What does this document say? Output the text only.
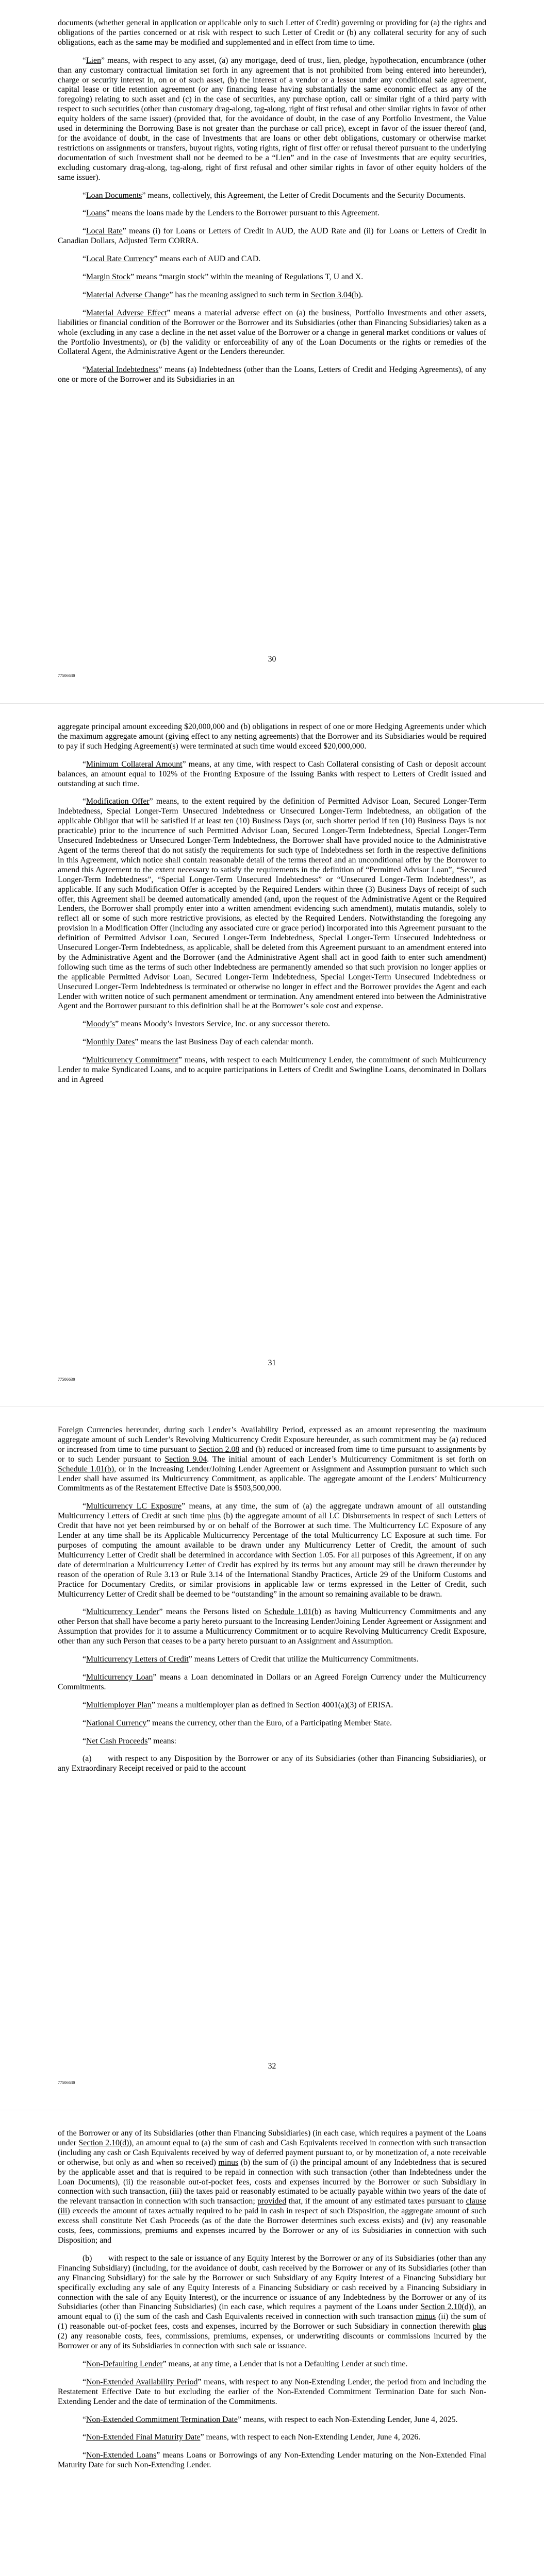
documents (whether general in application or applicable only to such Letter of Credit) governing or providing for (a) the rights and obligations of the parties concerned or at risk with respect to such Letter of Credit or (b) any collateral security for any of such obligations, each as the same may be modified and supplemented and in effect from time to time.

“Lien” means, with respect to any asset, (a) any mortgage, deed of trust, lien, pledge, hypothecation, encumbrance (other than any customary contractual limitation set forth in any agreement that is not prohibited from being entered into hereunder), charge or security interest in, on or of such asset, (b) the interest of a vendor or a lessor under any conditional sale agreement, capital lease or title retention agreement (or any financing lease having substantially the same economic effect as any of the foregoing) relating to such asset and (c) in the case of securities, any purchase option, call or similar right of a third party with respect to such securities (other than customary drag-along, tag-along, right of first refusal and other similar rights in favor of other equity holders of the same issuer) (provided that, for the avoidance of doubt, in the case of any Portfolio Investment, the Value used in determining the Borrowing Base is not greater than the purchase or call price), except in favor of the issuer thereof (and, for the avoidance of doubt, in the case of Investments that are loans or other debt obligations, customary or otherwise market restrictions on assignments or transfers, buyout rights, voting rights, right of first offer or refusal thereof pursuant to the underlying documentation of such Investment shall not be deemed to be a “Lien” and in the case of Investments that are equity securities, excluding customary drag-along, tag-along, right of first refusal and other similar rights in favor of other equity holders of the same issuer).

“Loan Documents” means, collectively, this Agreement, the Letter of Credit Documents and the Security Documents.

“Loans” means the loans made by the Lenders to the Borrower pursuant to this Agreement.

“Local Rate” means (i) for Loans or Letters of Credit in AUD, the AUD Rate and (ii) for Loans or Letters of Credit in Canadian Dollars, Adjusted Term CORRA.

“Local Rate Currency” means each of AUD and CAD.

“Margin Stock” means “margin stock” within the meaning of Regulations T, U and X.

“Material Adverse Change” has the meaning assigned to such term in Section 3.04(b).

“Material Adverse Effect” means a material adverse effect on (a) the business, Portfolio Investments and other assets, liabilities or financial condition of the Borrower or the Borrower and its Subsidiaries (other than Financing Subsidiaries) taken as a whole (excluding in any case a decline in the net asset value of the Borrower or a change in general market conditions or values of the Portfolio Investments), or (b) the validity or enforceability of any of the Loan Documents or the rights or remedies of the Collateral Agent, the Administrative Agent or the Lenders thereunder.

“Material Indebtedness” means (a) Indebtedness (other than the Loans, Letters of Credit and Hedging Agreements), of any one or more of the Borrower and its Subsidiaries in an

30
77506630

aggregate principal amount exceeding $20,000,000 and (b) obligations in respect of one or more Hedging Agreements under which the maximum aggregate amount (giving effect to any netting agreements) that the Borrower and its Subsidiaries would be required to pay if such Hedging Agreement(s) were terminated at such time would exceed $20,000,000.

“Minimum Collateral Amount” means, at any time, with respect to Cash Collateral consisting of Cash or deposit account balances, an amount equal to 102% of the Fronting Exposure of the Issuing Banks with respect to Letters of Credit issued and outstanding at such time.

“Modification Offer” means, to the extent required by the definition of Permitted Advisor Loan, Secured Longer-Term Indebtedness, Special Longer-Term Unsecured Indebtedness or Unsecured Longer-Term Indebtedness, an obligation of the applicable Obligor that will be satisfied if at least ten (10) Business Days (or, such shorter period if ten (10) Business Days is not practicable) prior to the incurrence of such Permitted Advisor Loan, Secured Longer-Term Indebtedness, Special Longer-Term Unsecured Indebtedness or Unsecured Longer-Term Indebtedness, the Borrower shall have provided notice to the Administrative Agent of the terms thereof that do not satisfy the requirements for such type of Indebtedness set forth in the respective definitions in this Agreement, which notice shall contain reasonable detail of the terms thereof and an unconditional offer by the Borrower to amend this Agreement to the extent necessary to satisfy the requirements in the definition of “Permitted Advisor Loan”, “Secured Longer-Term Indebtedness”, “Special Longer-Term Unsecured Indebtedness” or “Unsecured Longer-Term Indebtedness”, as applicable. If any such Modification Offer is accepted by the Required Lenders within three (3) Business Days of receipt of such offer, this Agreement shall be deemed automatically amended (and, upon the request of the Administrative Agent or the Required Lenders, the Borrower shall promptly enter into a written amendment evidencing such amendment), mutatis mutandis, solely to reflect all or some of such more restrictive provisions, as elected by the Required Lenders. Notwithstanding the foregoing any provision in a Modification Offer (including any associated cure or grace period) incorporated into this Agreement pursuant to the definition of Permitted Advisor Loan, Secured Longer-Term Indebtedness, Special Longer-Term Unsecured Indebtedness or Unsecured Longer-Term Indebtedness, as applicable, shall be deleted from this Agreement pursuant to an amendment entered into by the Administrative Agent and the Borrower (and the Administrative Agent shall act in good faith to enter such amendment) following such time as the terms of such other Indebtedness are permanently amended so that such provision no longer applies or the applicable Permitted Advisor Loan, Secured Longer-Term Indebtedness, Special Longer-Term Unsecured Indebtedness or Unsecured Longer-Term Indebtedness is terminated or otherwise no longer in effect and the Borrower provides the Agent and each Lender with written notice of such permanent amendment or termination. Any amendment entered into between the Administrative Agent and the Borrower pursuant to this definition shall be at the Borrower’s sole cost and expense.

“Moody’s” means Moody’s Investors Service, Inc. or any successor thereto.

“Monthly Dates” means the last Business Day of each calendar month.

“Multicurrency Commitment” means, with respect to each Multicurrency Lender, the commitment of such Multicurrency Lender to make Syndicated Loans, and to acquire participations in Letters of Credit and Swingline Loans, denominated in Dollars and in Agreed

31
77506630

Foreign Currencies hereunder, during such Lender’s Availability Period, expressed as an amount representing the maximum aggregate amount of such Lender’s Revolving Multicurrency Credit Exposure hereunder, as such commitment may be (a) reduced or increased from time to time pursuant to Section 2.08 and (b) reduced or increased from time to time pursuant to assignments by or to such Lender pursuant to Section 9.04. The initial amount of each Lender’s Multicurrency Commitment is set forth on Schedule 1.01(b), or in the Increasing Lender/Joining Lender Agreement or Assignment and Assumption pursuant to which such Lender shall have assumed its Multicurrency Commitment, as applicable. The aggregate amount of the Lenders’ Multicurrency Commitments as of the Restatement Effective Date is $503,500,000.

“Multicurrency LC Exposure” means, at any time, the sum of (a) the aggregate undrawn amount of all outstanding Multicurrency Letters of Credit at such time plus (b) the aggregate amount of all LC Disbursements in respect of such Letters of Credit that have not yet been reimbursed by or on behalf of the Borrower at such time. The Multicurrency LC Exposure of any Lender at any time shall be its Applicable Multicurrency Percentage of the total Multicurrency LC Exposure at such time. For purposes of computing the amount available to be drawn under any Multicurrency Letter of Credit, the amount of such Multicurrency Letter of Credit shall be determined in accordance with Section 1.05. For all purposes of this Agreement, if on any date of determination a Multicurrency Letter of Credit has expired by its terms but any amount may still be drawn thereunder by reason of the operation of Rule 3.13 or Rule 3.14 of the International Standby Practices, Article 29 of the Uniform Customs and Practice for Documentary Credits, or similar provisions in applicable law or terms expressed in the Letter of Credit, such Multicurrency Letter of Credit shall be deemed to be “outstanding” in the amount so remaining available to be drawn.

“Multicurrency Lender” means the Persons listed on Schedule 1.01(b) as having Multicurrency Commitments and any other Person that shall have become a party hereto pursuant to the Increasing Lender/Joining Lender Agreement or Assignment and Assumption that provides for it to assume a Multicurrency Commitment or to acquire Revolving Multicurrency Credit Exposure, other than any such Person that ceases to be a party hereto pursuant to an Assignment and Assumption.

“Multicurrency Letters of Credit” means Letters of Credit that utilize the Multicurrency Commitments.

“Multicurrency Loan” means a Loan denominated in Dollars or an Agreed Foreign Currency under the Multicurrency Commitments.

“Multiemployer Plan” means a multiemployer plan as defined in Section 4001(a)(3) of ERISA.

“National Currency” means the currency, other than the Euro, of a Participating Member State.

“Net Cash Proceeds” means:

(a)  with respect to any Disposition by the Borrower or any of its Subsidiaries (other than Financing Subsidiaries), or any Extraordinary Receipt received or paid to the account

32
77506630

of the Borrower or any of its Subsidiaries (other than Financing Subsidiaries) (in each case, which requires a payment of the Loans under Section 2.10(d)), an amount equal to (a) the sum of cash and Cash Equivalents received in connection with such transaction (including any cash or Cash Equivalents received by way of deferred payment pursuant to, or by monetization of, a note receivable or otherwise, but only as and when so received) minus (b) the sum of (i) the principal amount of any Indebtedness that is secured by the applicable asset and that is required to be repaid in connection with such transaction (other than Indebtedness under the Loan Documents), (ii) the reasonable out-of-pocket fees, costs and expenses incurred by the Borrower or such Subsidiary in connection with such transaction, (iii) the taxes paid or reasonably estimated to be actually payable within two years of the date of the relevant transaction in connection with such transaction; provided that, if the amount of any estimated taxes pursuant to clause (iii) exceeds the amount of taxes actually required to be paid in cash in respect of such Disposition, the aggregate amount of such excess shall constitute Net Cash Proceeds (as of the date the Borrower determines such excess exists) and (iv) any reasonable costs, fees, commissions, premiums and expenses incurred by the Borrower or any of its Subsidiaries in connection with such Disposition; and

(b)  with respect to the sale or issuance of any Equity Interest by the Borrower or any of its Subsidiaries (other than any Financing Subsidiary) (including, for the avoidance of doubt, cash received by the Borrower or any of its Subsidiaries (other than any Financing Subsidiary) for the sale by the Borrower or such Subsidiary of any Equity Interest of a Financing Subsidiary but specifically excluding any sale of any Equity Interests of a Financing Subsidiary or cash received by a Financing Subsidiary in connection with the sale of any Equity Interest), or the incurrence or issuance of any Indebtedness by the Borrower or any of its Subsidiaries (other than Financing Subsidiaries) (in each case, which requires a payment of the Loans under Section 2.10(d)), an amount equal to (i) the sum of the cash and Cash Equivalents received in connection with such transaction minus (ii) the sum of (1) reasonable out-of-pocket fees, costs and expenses, incurred by the Borrower or such Subsidiary in connection therewith plus (2) any reasonable costs, fees, commissions, premiums, expenses, or underwriting discounts or commissions incurred by the Borrower or any of its Subsidiaries in connection with such sale or issuance.

“Non-Defaulting Lender” means, at any time, a Lender that is not a Defaulting Lender at such time.

“Non-Extended Availability Period” means, with respect to any Non-Extending Lender, the period from and including the Restatement Effective Date to but excluding the earlier of the Non-Extended Commitment Termination Date for such Non-Extending Lender and the date of termination of the Commitments.

“Non-Extended Commitment Termination Date” means, with respect to each Non-Extending Lender, June 4, 2025.

“Non-Extended Final Maturity Date” means, with respect to each Non-Extending Lender, June 4, 2026.

“Non-Extended Loans” means Loans or Borrowings of any Non-Extending Lender maturing on the Non-Extended Final Maturity Date for such Non-Extending Lender.
